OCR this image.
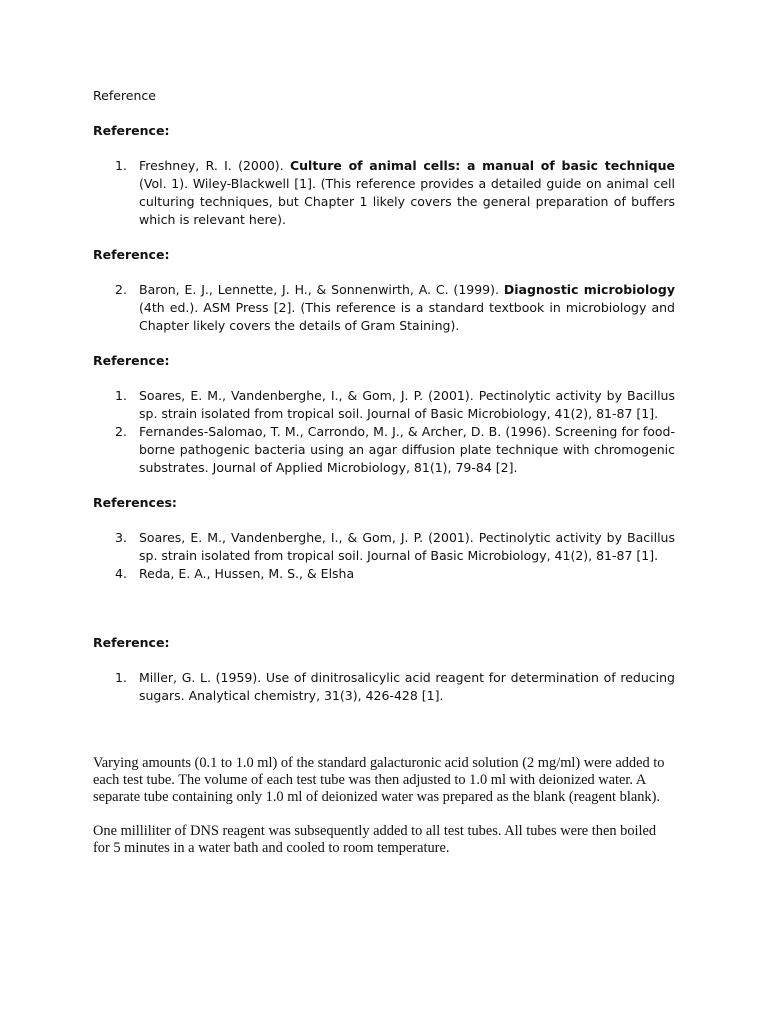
Reference

Reference:

1. Freshney, R. I. (2000). Culture of animal cells: a manual of basic technique (Vol. 1). Wiley-Blackwell [1]. (This reference provides a detailed guide on animal cell culturing techniques, but Chapter 1 likely covers the general preparation of buffers which is relevant here).

Reference:

2. Baron, E. J., Lennette, J. H., & Sonnenwirth, A. C. (1999). Diagnostic microbiology (4th ed.). ASM Press [2]. (This reference is a standard textbook in microbiology and Chapter likely covers the details of Gram Staining).

Reference:

1. Soares, E. M., Vandenberghe, I., & Gom, J. P. (2001). Pectinolytic activity by Bacillus sp. strain isolated from tropical soil. Journal of Basic Microbiology, 41(2), 81-87 [1].
2. Fernandes-Salomao, T. M., Carrondo, M. J., & Archer, D. B. (1996). Screening for food-borne pathogenic bacteria using an agar diffusion plate technique with chromogenic substrates. Journal of Applied Microbiology, 81(1), 79-84 [2].

References:

3. Soares, E. M., Vandenberghe, I., & Gom, J. P. (2001). Pectinolytic activity by Bacillus sp. strain isolated from tropical soil. Journal of Basic Microbiology, 41(2), 81-87 [1].
4. Reda, E. A., Hussen, M. S., & Elsha

Reference:

1. Miller, G. L. (1959). Use of dinitrosalicylic acid reagent for determination of reducing sugars. Analytical chemistry, 31(3), 426-428 [1].

Varying amounts (0.1 to 1.0 ml) of the standard galacturonic acid solution (2 mg/ml) were added to each test tube. The volume of each test tube was then adjusted to 1.0 ml with deionized water. A separate tube containing only 1.0 ml of deionized water was prepared as the blank (reagent blank).

One milliliter of DNS reagent was subsequently added to all test tubes. All tubes were then boiled for 5 minutes in a water bath and cooled to room temperature.
